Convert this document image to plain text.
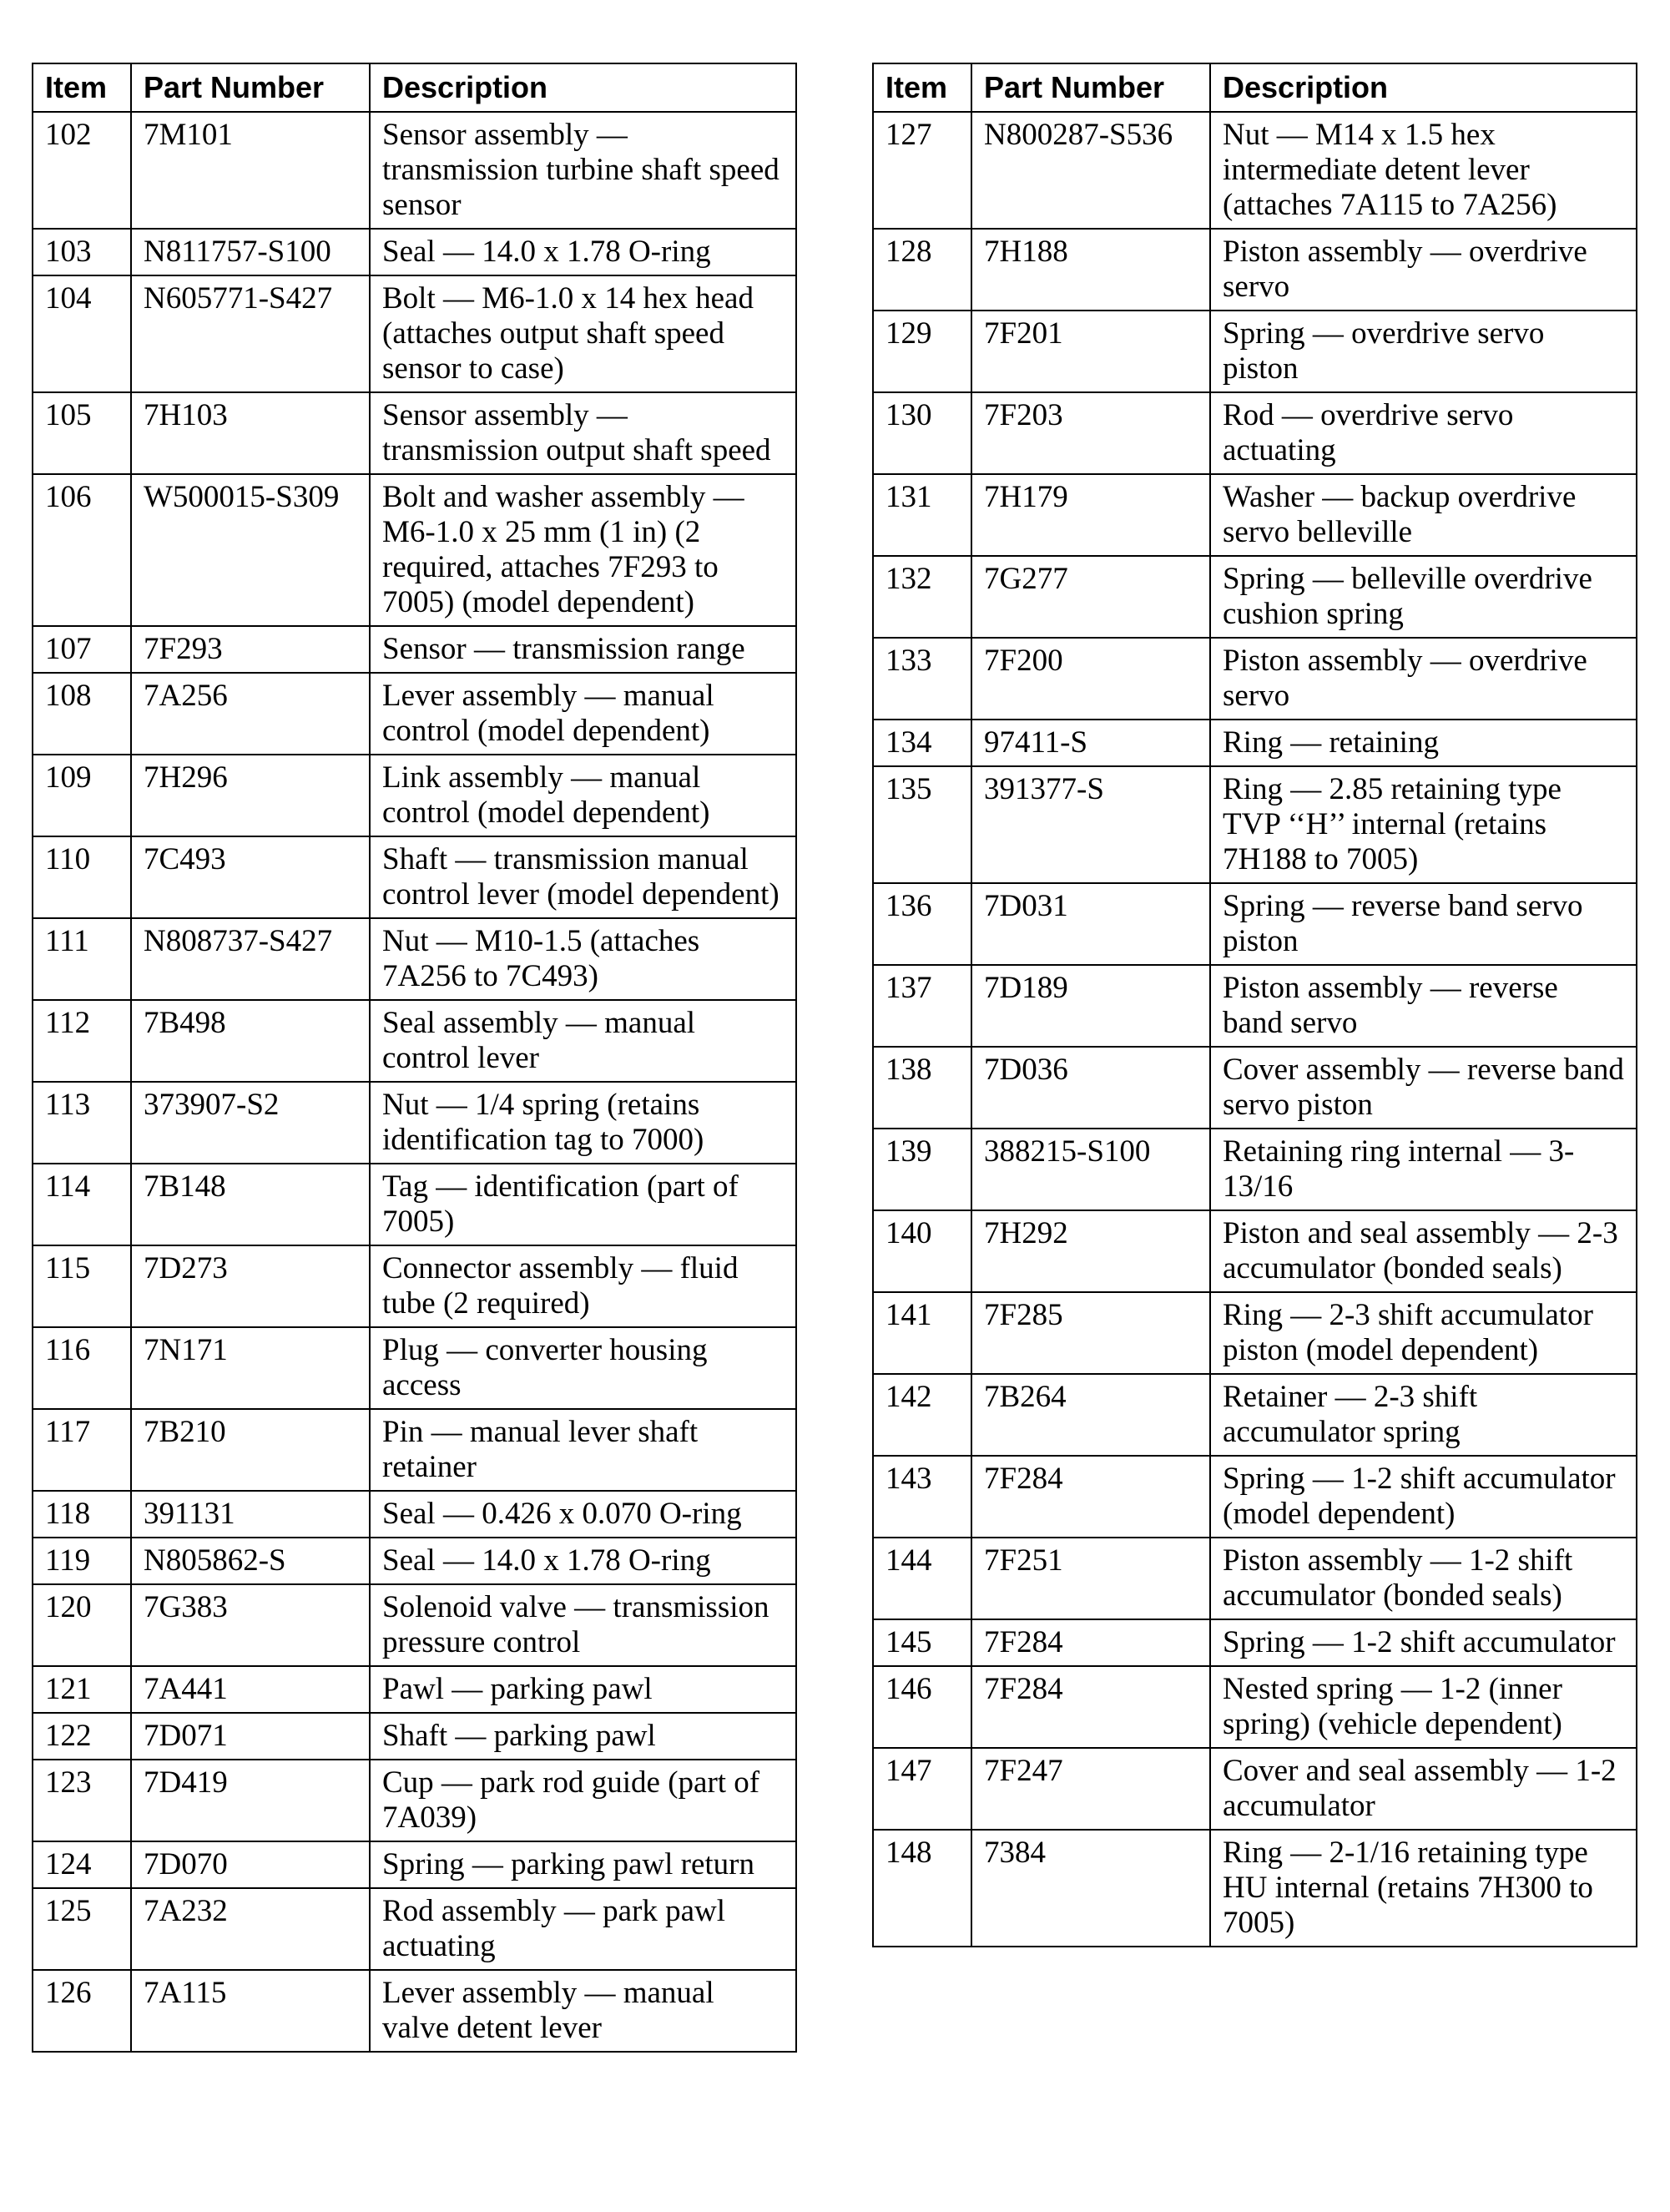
Item	Part Number	Description
102	7M101	Sensor assembly — transmission turbine shaft speed sensor
103	N811757-S100	Seal — 14.0 x 1.78 O-ring
104	N605771-S427	Bolt — M6-1.0 x 14 hex head (attaches output shaft speed sensor to case)
105	7H103	Sensor assembly — transmission output shaft speed
106	W500015-S309	Bolt and washer assembly — M6-1.0 x 25 mm (1 in) (2 required, attaches 7F293 to 7005) (model dependent)
107	7F293	Sensor — transmission range
108	7A256	Lever assembly — manual control (model dependent)
109	7H296	Link assembly — manual control (model dependent)
110	7C493	Shaft — transmission manual control lever (model dependent)
111	N808737-S427	Nut — M10-1.5 (attaches 7A256 to 7C493)
112	7B498	Seal assembly — manual control lever
113	373907-S2	Nut — 1/4 spring (retains identification tag to 7000)
114	7B148	Tag — identification (part of 7005)
115	7D273	Connector assembly — fluid tube (2 required)
116	7N171	Plug — converter housing access
117	7B210	Pin — manual lever shaft retainer
118	391131	Seal — 0.426 x 0.070 O-ring
119	N805862-S	Seal — 14.0 x 1.78 O-ring
120	7G383	Solenoid valve — transmission pressure control
121	7A441	Pawl — parking pawl
122	7D071	Shaft — parking pawl
123	7D419	Cup — park rod guide (part of 7A039)
124	7D070	Spring — parking pawl return
125	7A232	Rod assembly — park pawl actuating
126	7A115	Lever assembly — manual valve detent lever
Item	Part Number	Description
127	N800287-S536	Nut — M14 x 1.5 hex intermediate detent lever (attaches 7A115 to 7A256)
128	7H188	Piston assembly — overdrive servo
129	7F201	Spring — overdrive servo piston
130	7F203	Rod — overdrive servo actuating
131	7H179	Washer — backup overdrive servo belleville
132	7G277	Spring — belleville overdrive cushion spring
133	7F200	Piston assembly — overdrive servo
134	97411-S	Ring — retaining
135	391377-S	Ring — 2.85 retaining type TVP ‘‘H’’ internal (retains 7H188 to 7005)
136	7D031	Spring — reverse band servo piston
137	7D189	Piston assembly — reverse band servo
138	7D036	Cover assembly — reverse band servo piston
139	388215-S100	Retaining ring internal — 3-13/16
140	7H292	Piston and seal assembly — 2-3 accumulator (bonded seals)
141	7F285	Ring — 2-3 shift accumulator piston (model dependent)
142	7B264	Retainer — 2-3 shift accumulator spring
143	7F284	Spring — 1-2 shift accumulator (model dependent)
144	7F251	Piston assembly — 1-2 shift accumulator (bonded seals)
145	7F284	Spring — 1-2 shift accumulator
146	7F284	Nested spring — 1-2 (inner spring) (vehicle dependent)
147	7F247	Cover and seal assembly — 1-2 accumulator
148	7384	Ring — 2-1/16 retaining type HU internal (retains 7H300 to 7005)
